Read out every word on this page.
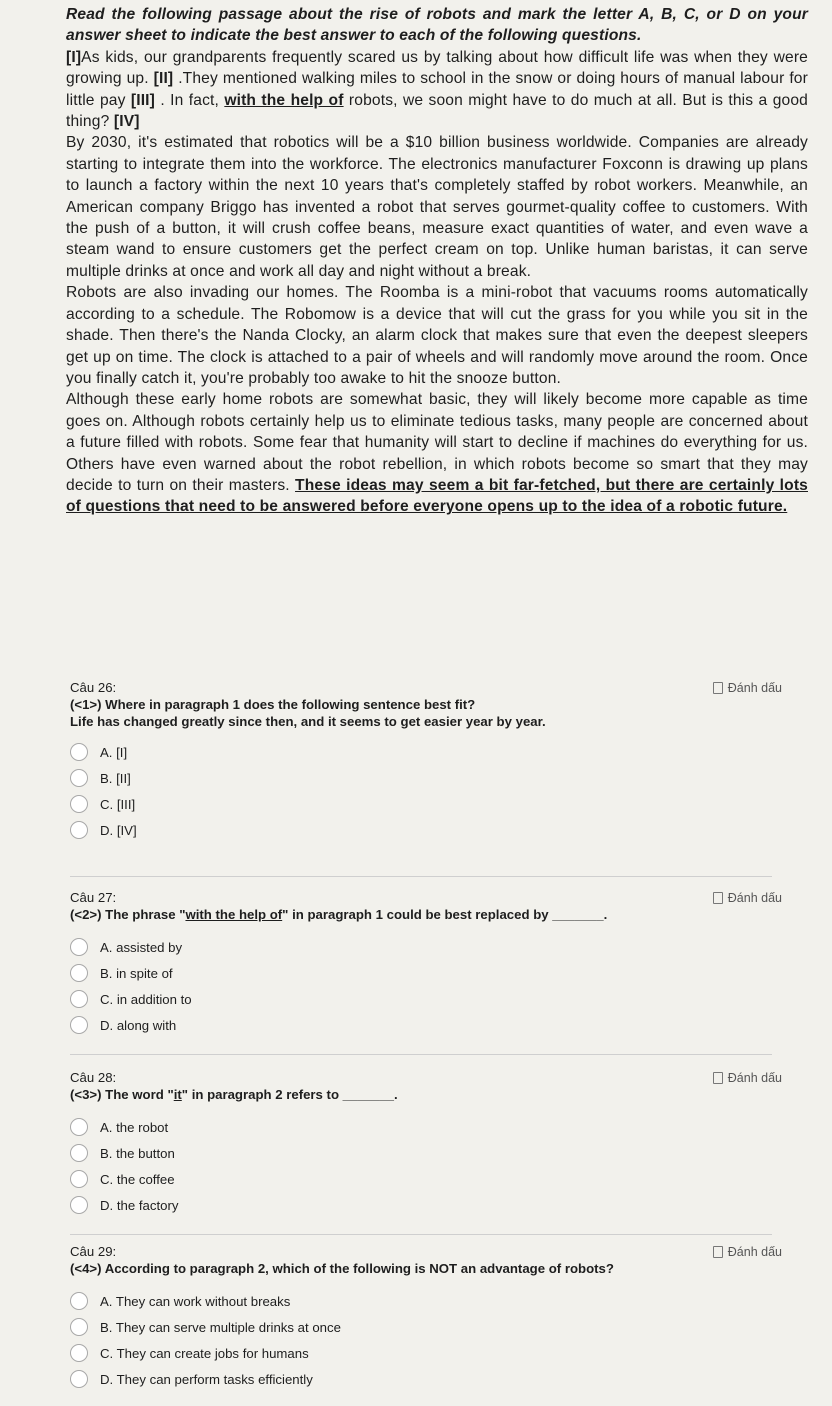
Read the following passage about the rise of robots and mark the letter A, B, C, or D on your answer sheet to indicate the best answer to each of the following questions.

[I]As kids, our grandparents frequently scared us by talking about how difficult life was when they were growing up. [II] .They mentioned walking miles to school in the snow or doing hours of manual labour for little pay [III] . In fact, with the help of robots, we soon might have to do much at all. But is this a good thing? [IV]

By 2030, it's estimated that robotics will be a $10 billion business worldwide. Companies are already starting to integrate them into the workforce. The electronics manufacturer Foxconn is drawing up plans to launch a factory within the next 10 years that's completely staffed by robot workers. Meanwhile, an American company Briggo has invented a robot that serves gourmet-quality coffee to customers. With the push of a button, it will crush coffee beans, measure exact quantities of water, and even wave a steam wand to ensure customers get the perfect cream on top. Unlike human baristas, it can serve multiple drinks at once and work all day and night without a break.

Robots are also invading our homes. The Roomba is a mini-robot that vacuums rooms automatically according to a schedule. The Robomow is a device that will cut the grass for you while you sit in the shade. Then there's the Nanda Clocky, an alarm clock that makes sure that even the deepest sleepers get up on time. The clock is attached to a pair of wheels and will randomly move around the room. Once you finally catch it, you're probably too awake to hit the snooze button.

Although these early home robots are somewhat basic, they will likely become more capable as time goes on. Although robots certainly help us to eliminate tedious tasks, many people are concerned about a future filled with robots. Some fear that humanity will start to decline if machines do everything for us. Others have even warned about the robot rebellion, in which robots become so smart that they may decide to turn on their masters. These ideas may seem a bit far-fetched, but there are certainly lots of questions that need to be answered before everyone opens up to the idea of a robotic future.

Câu 26:	Đánh dấu
(<1>) Where in paragraph 1 does the following sentence best fit?
Life has changed greatly since then, and it seems to get easier year by year.
A. [I]
B. [II]
C. [III]
D. [IV]
Câu 27:	Đánh dấu
(<2>) The phrase "with the help of" in paragraph 1 could be best replaced by _______.
A. assisted by
B. in spite of
C. in addition to
D. along with
Câu 28:	Đánh dấu
(<3>) The word "it" in paragraph 2 refers to _______.
A. the robot
B. the button
C. the coffee
D. the factory
Câu 29:	Đánh dấu
(<4>) According to paragraph 2, which of the following is NOT an advantage of robots?
A. They can work without breaks
B. They can serve multiple drinks at once
C. They can create jobs for humans
D. They can perform tasks efficiently
